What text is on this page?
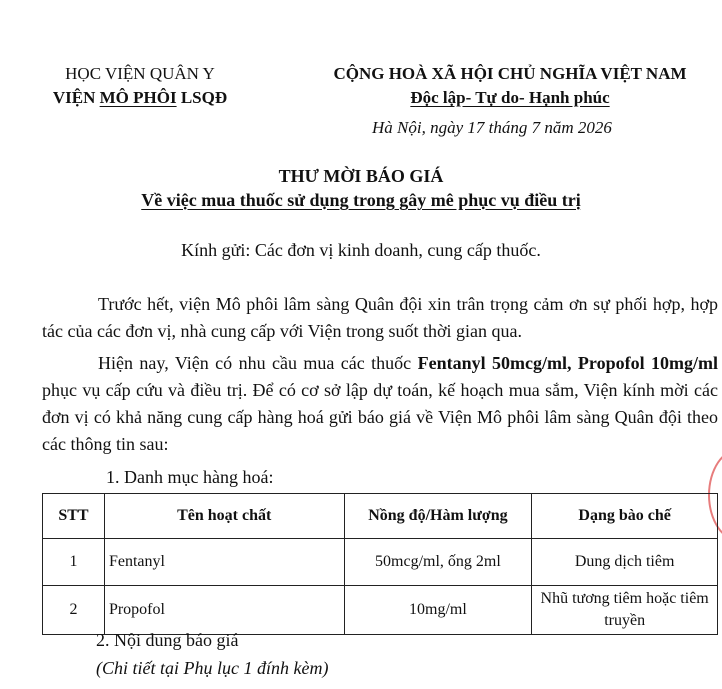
HỌC VIỆN QUÂN Y
VIỆN MÔ PHÔI LSQĐ
CỘNG HOÀ XÃ HỘI CHỦ NGHĨA VIỆT NAM
Độc lập- Tự do- Hạnh phúc
Hà Nội, ngày 17 tháng 7 năm 2026
THƯ MỜI BÁO GIÁ
Về việc mua thuốc sử dụng trong gây mê phục vụ điều trị
Kính gửi: Các đơn vị kinh doanh, cung cấp thuốc.
Trước hết, viện Mô phôi lâm sàng Quân đội xin trân trọng cảm ơn sự phối hợp, hợp tác của các đơn vị, nhà cung cấp với Viện trong suốt thời gian qua.
Hiện nay, Viện có nhu cầu mua các thuốc Fentanyl 50mcg/ml, Propofol 10mg/ml phục vụ cấp cứu và điều trị. Để có cơ sở lập dự toán, kế hoạch mua sắm, Viện kính mời các đơn vị có khả năng cung cấp hàng hoá gửi báo giá về Viện Mô phôi lâm sàng Quân đội theo các thông tin sau:
1. Danh mục hàng hoá:
STT	Tên hoạt chất	Nồng độ/Hàm lượng	Dạng bào chế
1	Fentanyl	50mcg/ml, ống 2ml	Dung dịch tiêm
2	Propofol	10mg/ml	Nhũ tương tiêm hoặc tiêm truyền
2. Nội dung báo giá
(Chi tiết tại Phụ lục 1 đính kèm)
